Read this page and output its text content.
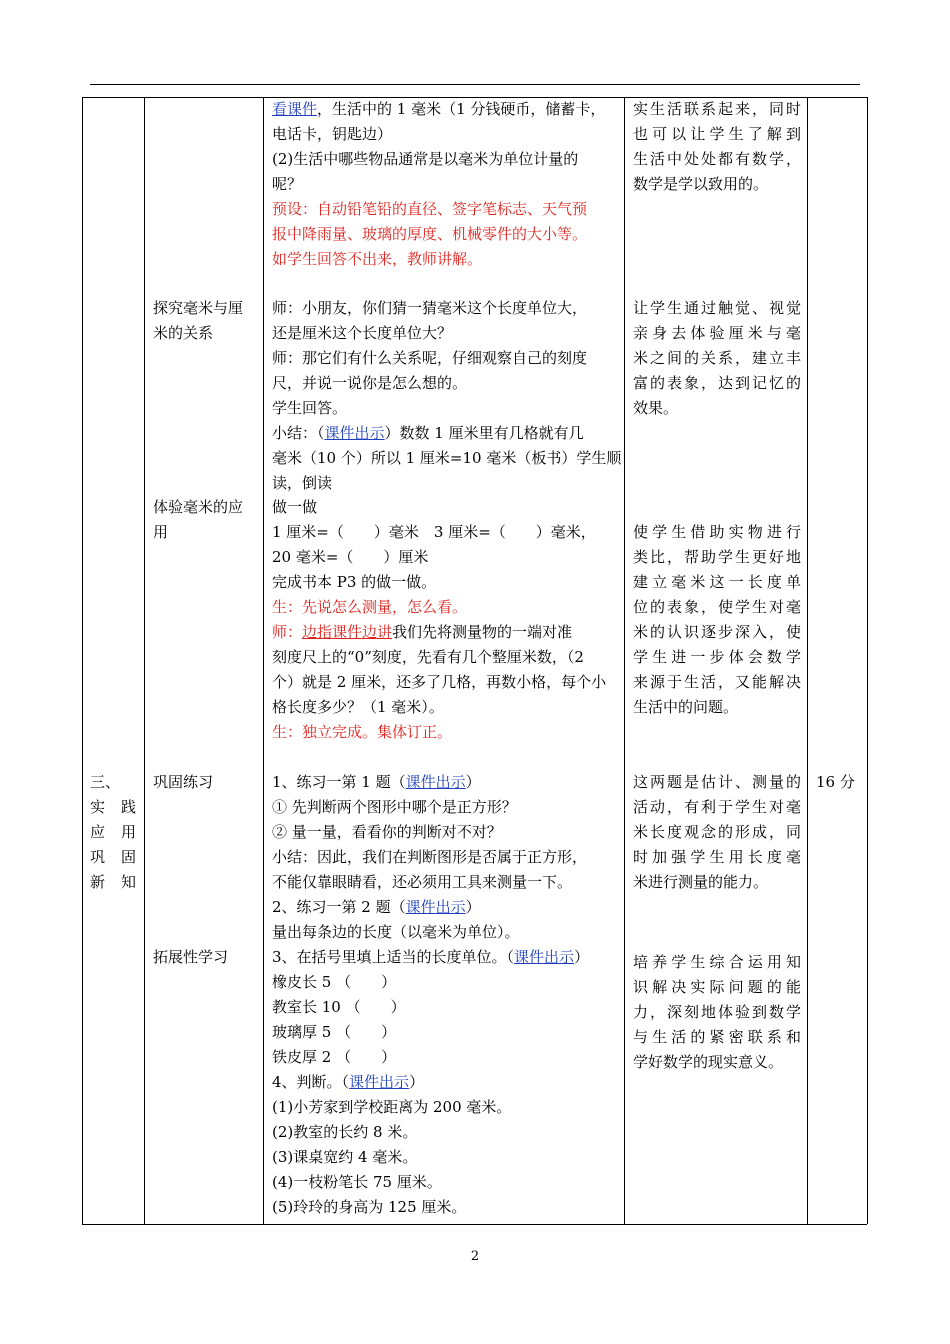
三、
实 践
应 用
巩 固
新 知
探究毫米与厘
米的关系
体验毫米的应
用
巩固练习
拓展性学习
看课件，生活中的 1 毫米（1 分钱硬币，储蓄卡，
电话卡，钥匙边）
(2)生活中哪些物品通常是以毫米为单位计量的
呢？
预设：自动铅笔铅的直径、签字笔标志、天气预
报中降雨量、玻璃的厚度、机械零件的大小等。
如学生回答不出来，教师讲解。
师：小朋友，你们猜一猜毫米这个长度单位大，
还是厘米这个长度单位大？
师：那它们有什么关系呢，仔细观察自己的刻度
尺，并说一说你是怎么想的。
学生回答。
小结：（课件出示）数数 1 厘米里有几格就有几
毫米（10 个）所以 1 厘米=10 毫米（板书）学生顺
读，倒读
做一做
1 厘米=（　　）毫米　3 厘米=（　　）毫米，
20 毫米=（　　）厘米
完成书本 P3 的做一做。
生：先说怎么测量，怎么看。
师：边指课件边讲我们先将测量物的一端对准
刻度尺上的“0”刻度，先看有几个整厘米数，（2
个）就是 2 厘米，还多了几格，再数小格，每个小
格长度多少？（1 毫米）。
生：独立完成。集体订正。
1、练习一第 1 题（课件出示）
① 先判断两个图形中哪个是正方形？
② 量一量，看看你的判断对不对？
小结：因此，我们在判断图形是否属于正方形，
不能仅靠眼睛看，还必须用工具来测量一下。
2、练习一第 2 题（课件出示）
量出每条边的长度（以毫米为单位）。
3、在括号里填上适当的长度单位。（课件出示）
橡皮长 5 （　　）
教室长 10 （　　）
玻璃厚 5 （　　）
铁皮厚 2 （　　）
4、判断。（课件出示）
(1)小芳家到学校距离为 200 毫米。
(2)教室的长约 8 米。
(3)课桌宽约 4 毫米。
(4)一枝粉笔长 75 厘米。
(5)玲玲的身高为 125 厘米。
实生活联系起来，同时
也可以让学生了解到
生活中处处都有数学，
数学是学以致用的。
让学生通过触觉、视觉
亲身去体验厘米与毫
米之间的关系，建立丰
富的表象，达到记忆的
效果。
使学生借助实物进行
类比，帮助学生更好地
建立毫米这一长度单
位的表象，使学生对毫
米的认识逐步深入，使
学生进一步体会数学
来源于生活，又能解决
生活中的问题。
这两题是估计、测量的
活动，有利于学生对毫
米长度观念的形成，同
时加强学生用长度毫
米进行测量的能力。
培养学生综合运用知
识解决实际问题的能
力，深刻地体验到数学
与生活的紧密联系和
学好数学的现实意义。
16 分
2
